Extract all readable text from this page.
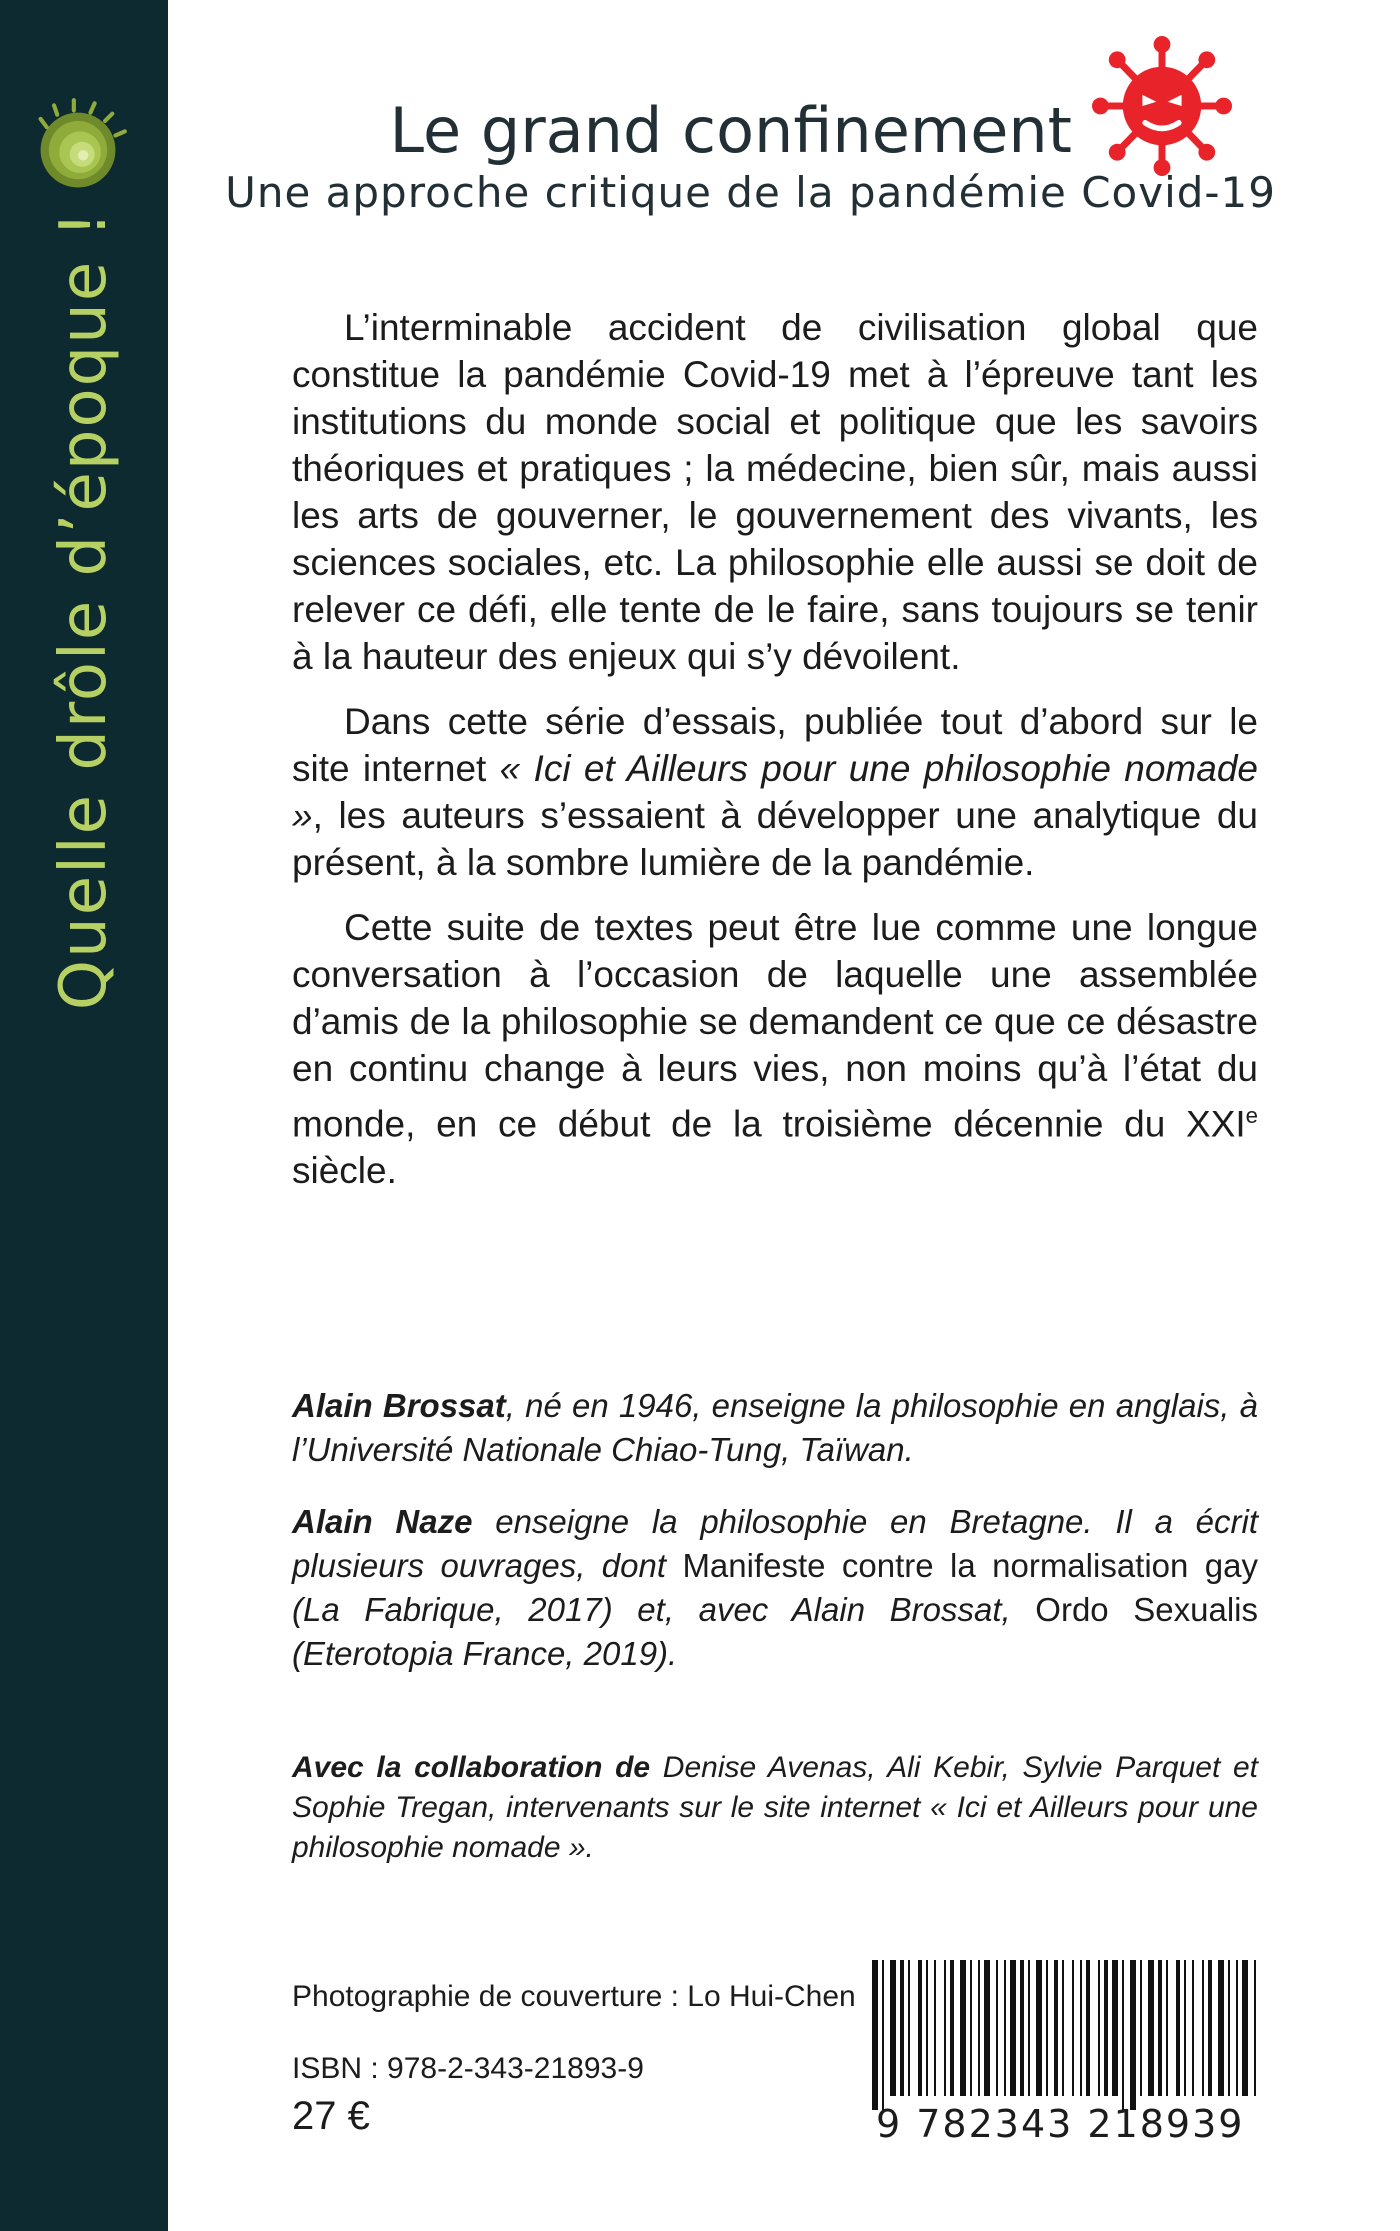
Quelle drôle d’époque !
Le grand confinement
Une approche critique de la pandémie Covid-19

L’interminable accident de civilisation global que constitue la pandémie Covid-19 met à l’épreuve tant les institutions du monde social et politique que les savoirs théoriques et pratiques ; la médecine, bien sûr, mais aussi les arts de gouverner, le gouvernement des vivants, les sciences sociales, etc. La philosophie elle aussi se doit de relever ce défi, elle tente de le faire, sans toujours se tenir à la hauteur des enjeux qui s’y dévoilent.

Dans cette série d’essais, publiée tout d’abord sur le site internet « Ici et Ailleurs pour une philosophie nomade », les auteurs s’essaient à développer une analytique du présent, à la sombre lumière de la pandémie.

Cette suite de textes peut être lue comme une longue conversation à l’occasion de laquelle une assemblée d’amis de la philosophie se demandent ce que ce désastre en continu change à leurs vies, non moins qu’à l’état du monde, en ce début de la troisième décennie du XXIe siècle.

Alain Brossat, né en 1946, enseigne la philosophie en anglais, à l’Université Nationale Chiao-Tung, Taïwan.

Alain Naze enseigne la philosophie en Bretagne. Il a écrit plusieurs ouvrages, dont Manifeste contre la normalisation gay (La Fabrique, 2017) et, avec Alain Brossat, Ordo Sexualis (Eterotopia France, 2019).

Avec la collaboration de Denise Avenas, Ali Kebir, Sylvie Parquet et Sophie Tregan, intervenants sur le site internet « Ici et Ailleurs pour une philosophie nomade ».
Photographie de couverture : Lo Hui-Chen
ISBN : 978-2-343-21893-9
27 €	9 782343 218939
